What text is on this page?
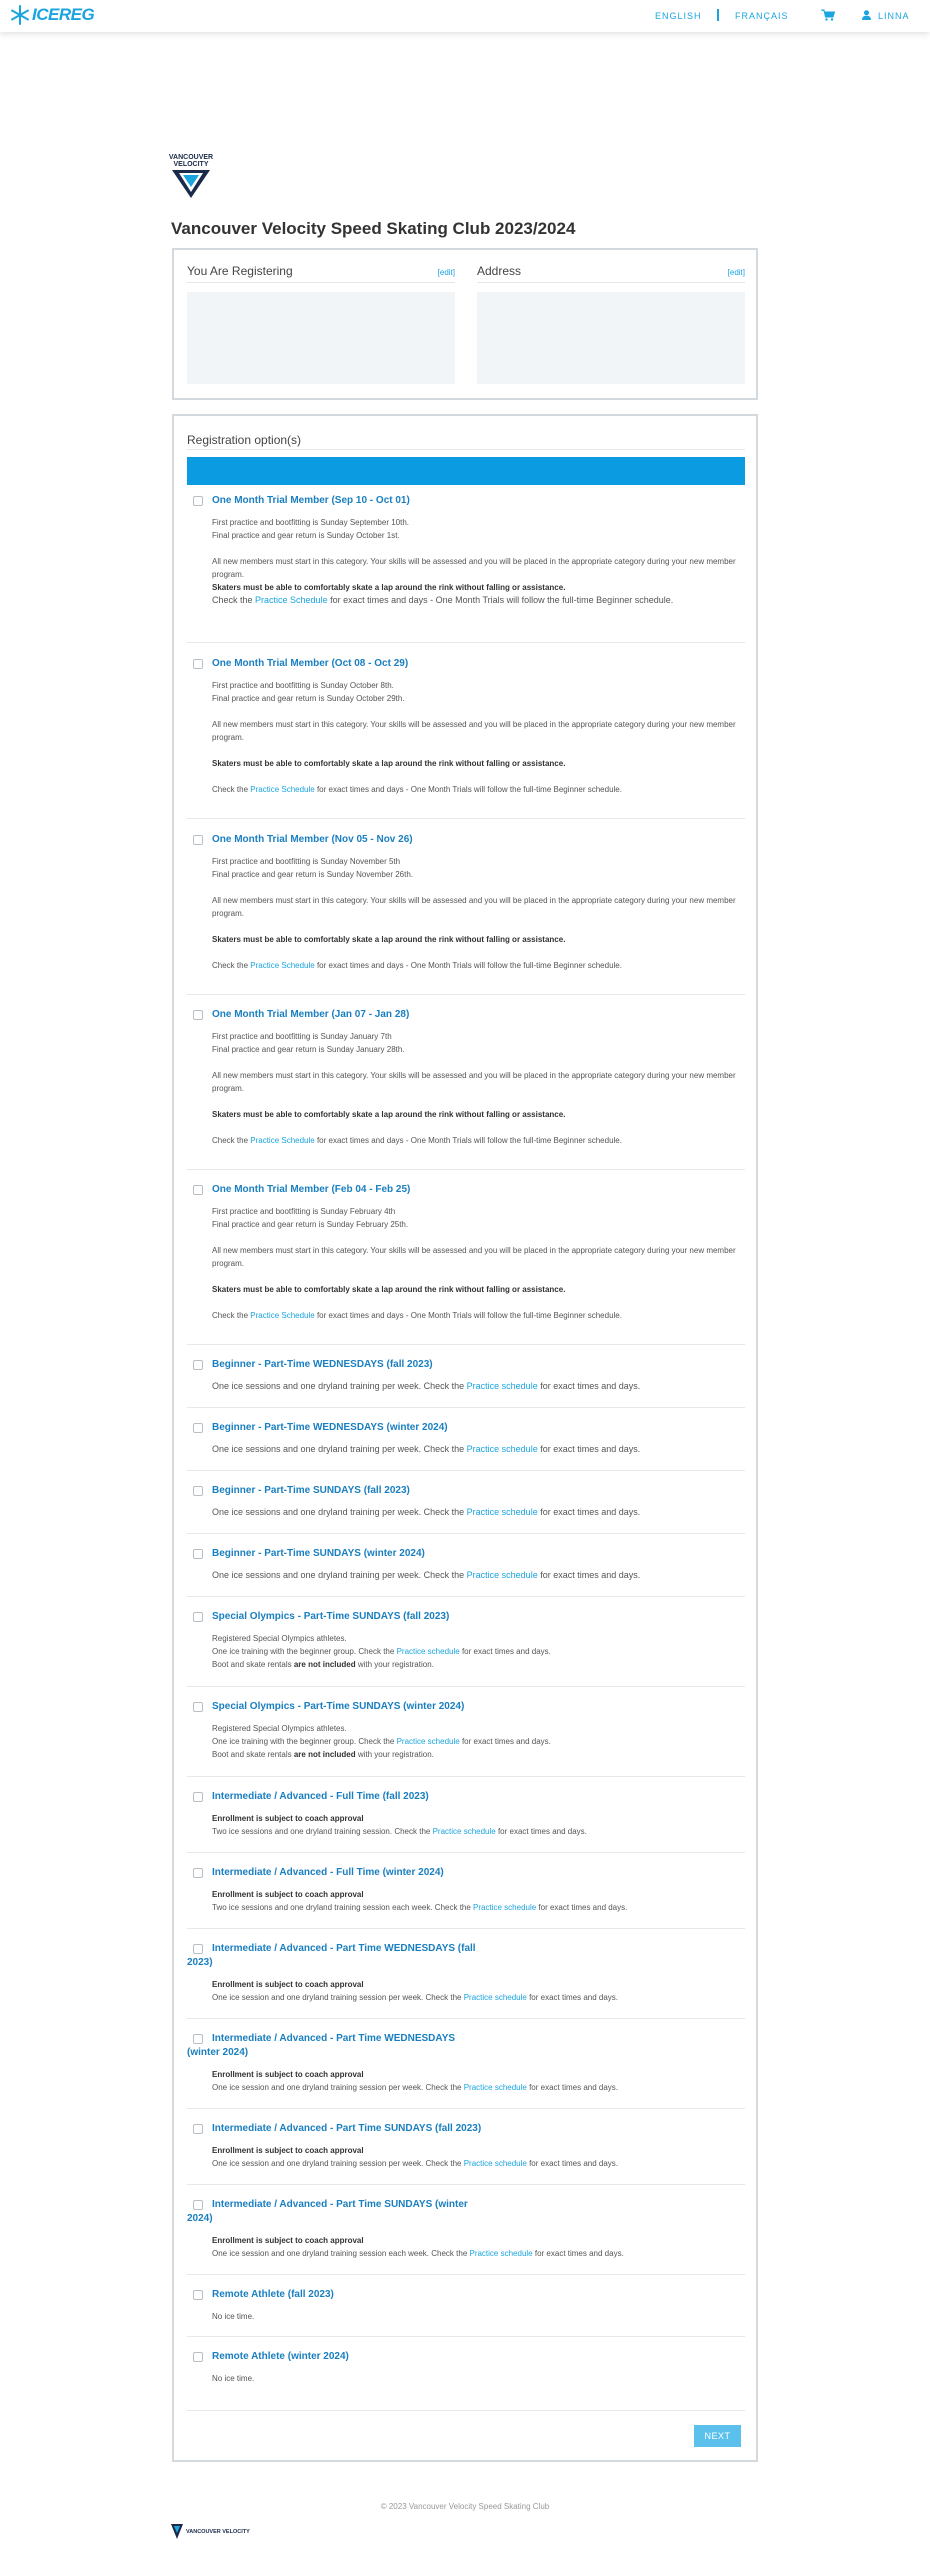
ICEREG	ENGLISH	FRANÇAIS	LINNA
VANCOUVER
VELOCITY
Vancouver Velocity Speed Skating Club 2023/2024
You Are Registering	[edit] Address	[edit]
Registration option(s)
One Month Trial Member (Sep 10 - Oct 01)

First practice and bootfitting is Sunday September 10th.

Final practice and gear return is Sunday October 1st.

All new members must start in this category. Your skills will be assessed and you will be placed in the appropriate category during your new member program.

Skaters must be able to comfortably skate a lap around the rink without falling or assistance.

Check the Practice Schedule for exact times and days - One Month Trials will follow the full-time Beginner schedule.

One Month Trial Member (Oct 08 - Oct 29)

First practice and bootfitting is Sunday October 8th.

Final practice and gear return is Sunday October 29th.

All new members must start in this category. Your skills will be assessed and you will be placed in the appropriate category during your new member program.

Skaters must be able to comfortably skate a lap around the rink without falling or assistance.

Check the Practice Schedule for exact times and days - One Month Trials will follow the full-time Beginner schedule.

One Month Trial Member (Nov 05 - Nov 26)

First practice and bootfitting is Sunday November 5th

Final practice and gear return is Sunday November 26th.

All new members must start in this category. Your skills will be assessed and you will be placed in the appropriate category during your new member program.

Skaters must be able to comfortably skate a lap around the rink without falling or assistance.

Check the Practice Schedule for exact times and days - One Month Trials will follow the full-time Beginner schedule.

One Month Trial Member (Jan 07 - Jan 28)

First practice and bootfitting is Sunday January 7th

Final practice and gear return is Sunday January 28th.

All new members must start in this category. Your skills will be assessed and you will be placed in the appropriate category during your new member program.

Skaters must be able to comfortably skate a lap around the rink without falling or assistance.

Check the Practice Schedule for exact times and days - One Month Trials will follow the full-time Beginner schedule.

One Month Trial Member (Feb 04 - Feb 25)

First practice and bootfitting is Sunday February 4th

Final practice and gear return is Sunday February 25th.

All new members must start in this category. Your skills will be assessed and you will be placed in the appropriate category during your new member program.

Skaters must be able to comfortably skate a lap around the rink without falling or assistance.

Check the Practice Schedule for exact times and days - One Month Trials will follow the full-time Beginner schedule.

Beginner - Part-Time WEDNESDAYS (fall 2023)

One ice sessions and one dryland training per week. Check the Practice schedule for exact times and days.

Beginner - Part-Time WEDNESDAYS (winter 2024)

One ice sessions and one dryland training per week. Check the Practice schedule for exact times and days.

Beginner - Part-Time SUNDAYS (fall 2023)

One ice sessions and one dryland training per week. Check the Practice schedule for exact times and days.

Beginner - Part-Time SUNDAYS (winter 2024)

One ice sessions and one dryland training per week. Check the Practice schedule for exact times and days.

Special Olympics - Part-Time SUNDAYS (fall 2023)

Registered Special Olympics athletes.

One ice training with the beginner group. Check the Practice schedule for exact times and days.

Boot and skate rentals are not included with your registration.

Special Olympics - Part-Time SUNDAYS (winter 2024)

Registered Special Olympics athletes.

One ice training with the beginner group. Check the Practice schedule for exact times and days.

Boot and skate rentals are not included with your registration.

Intermediate / Advanced - Full Time (fall 2023)

Enrollment is subject to coach approval

Two ice sessions and one dryland training session. Check the Practice schedule for exact times and days.

Intermediate / Advanced - Full Time (winter 2024)

Enrollment is subject to coach approval

Two ice sessions and one dryland training session each week. Check the Practice schedule for exact times and days.

Intermediate / Advanced - Part Time WEDNESDAYS (fall 2023)

Enrollment is subject to coach approval

One ice session and one dryland training session per week. Check the Practice schedule for exact times and days.

Intermediate / Advanced - Part Time WEDNESDAYS (winter 2024)

Enrollment is subject to coach approval

One ice session and one dryland training session per week. Check the Practice schedule for exact times and days.

Intermediate / Advanced - Part Time SUNDAYS (fall 2023)

Enrollment is subject to coach approval

One ice session and one dryland training session per week. Check the Practice schedule for exact times and days.

Intermediate / Advanced - Part Time SUNDAYS (winter 2024)

Enrollment is subject to coach approval

One ice session and one dryland training session each week. Check the Practice schedule for exact times and days.

Remote Athlete (fall 2023)

No ice time.

Remote Athlete (winter 2024)

No ice time.

NEXT
© 2023 Vancouver Velocity Speed Skating Club
VANCOUVER VELOCITY
